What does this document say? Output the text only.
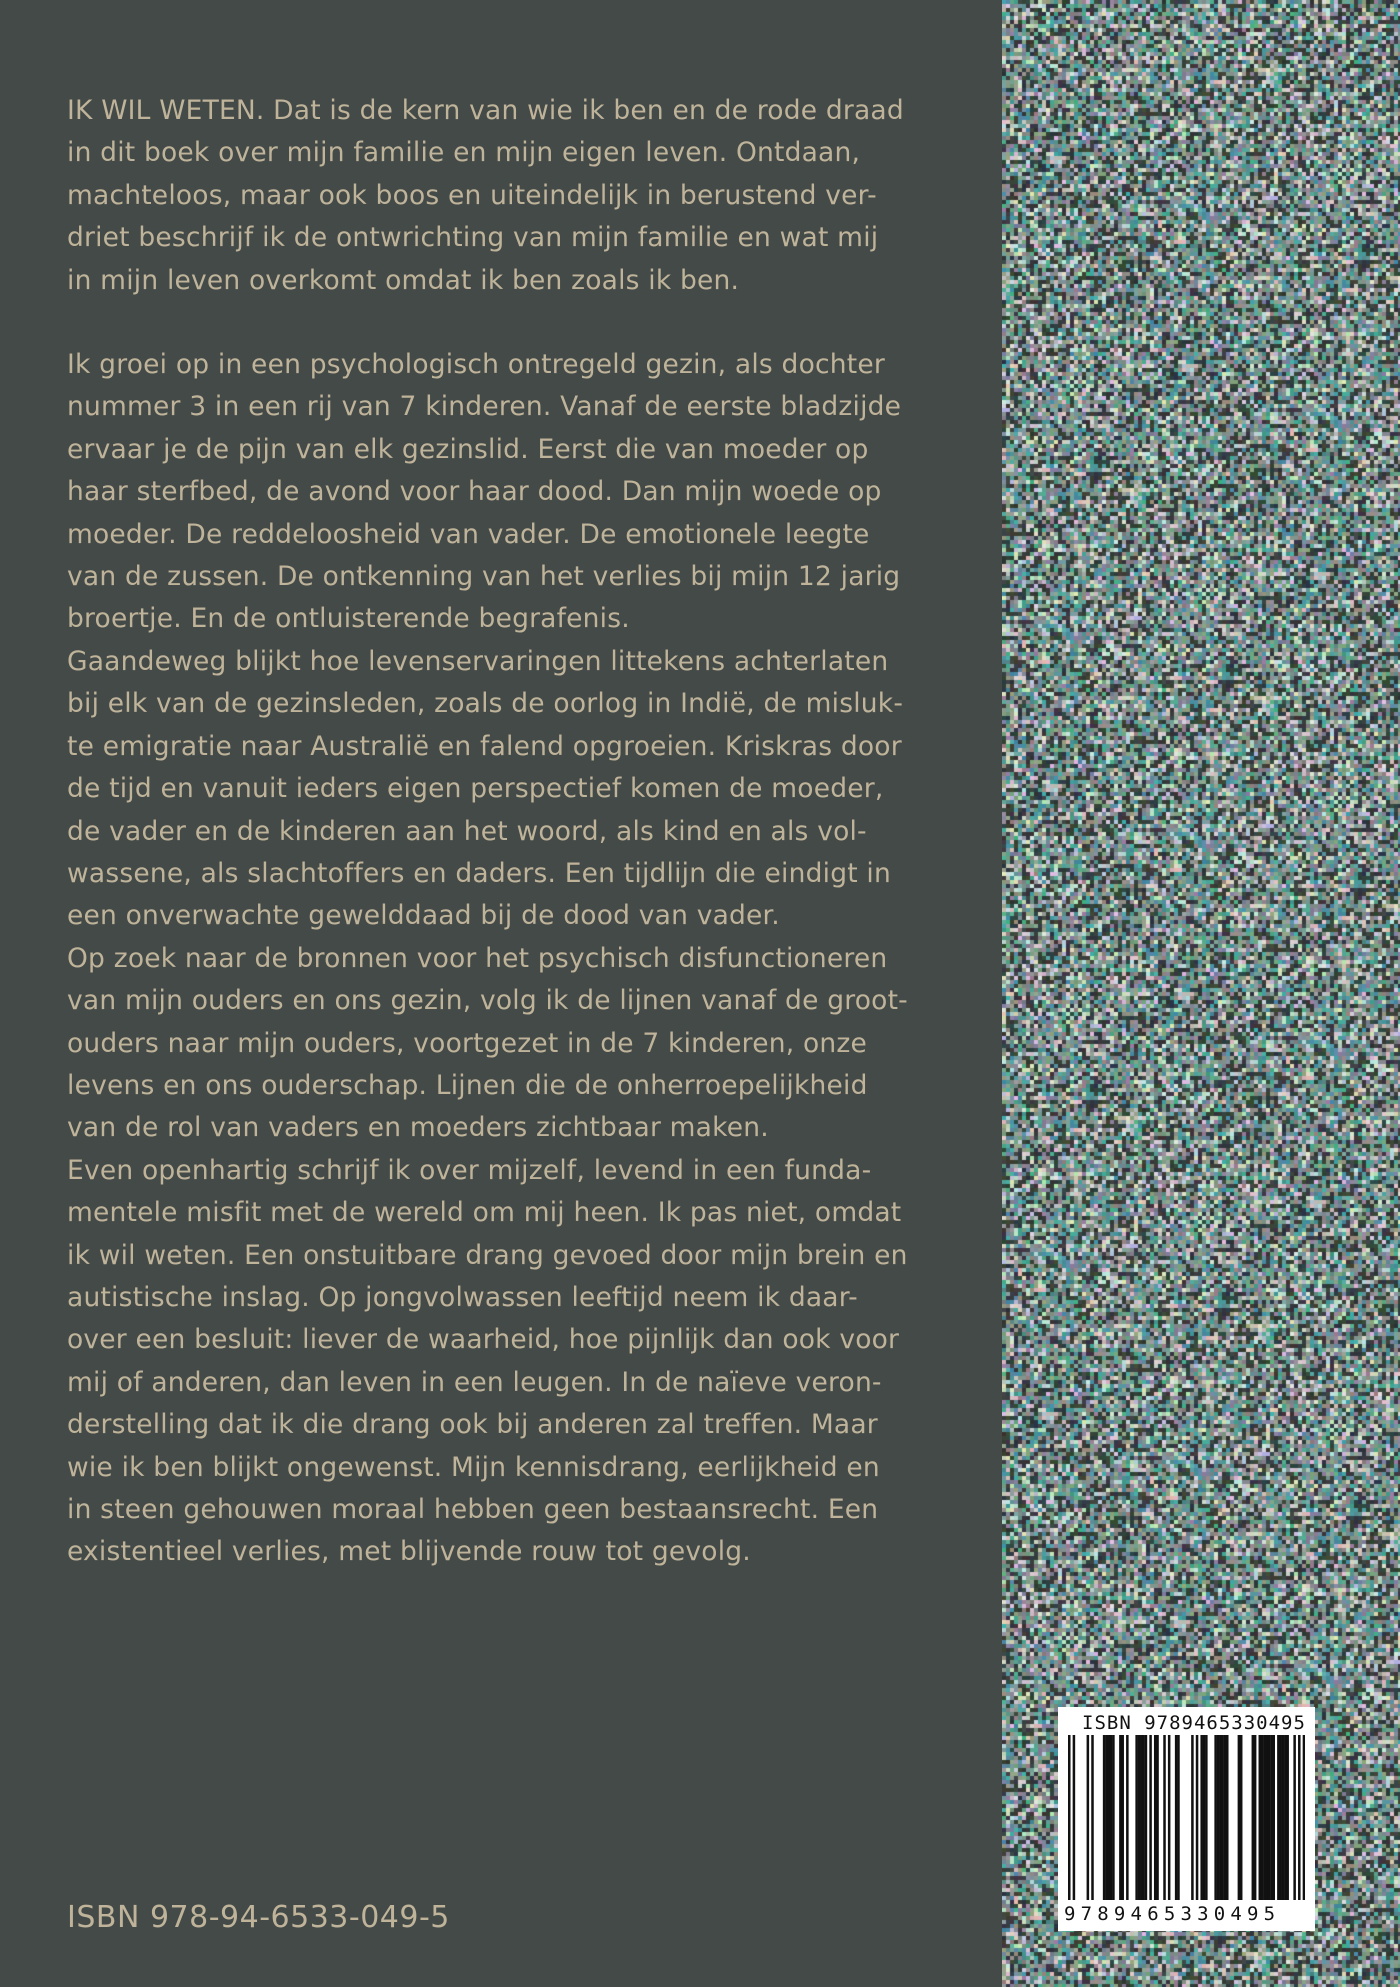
IK WIL WETEN. Dat is de kern van wie ik ben en de rode draad
in dit boek over mijn familie en mijn eigen leven. Ontdaan,
machteloos, maar ook boos en uiteindelijk in berustend ver-
driet beschrijf ik de ontwrichting van mijn familie en wat mij
in mijn leven overkomt omdat ik ben zoals ik ben.

Ik groei op in een psychologisch ontregeld gezin, als dochter
nummer 3 in een rij van 7 kinderen. Vanaf de eerste bladzijde
ervaar je de pijn van elk gezinslid. Eerst die van moeder op
haar sterfbed, de avond voor haar dood. Dan mijn woede op
moeder. De reddeloosheid van vader. De emotionele leegte
van de zussen. De ontkenning van het verlies bij mijn 12 jarig
broertje. En de ontluisterende begrafenis.

Gaandeweg blijkt hoe levenservaringen littekens achterlaten
bij elk van de gezinsleden, zoals de oorlog in Indië, de misluk-
te emigratie naar Australië en falend opgroeien. Kriskras door
de tijd en vanuit ieders eigen perspectief komen de moeder,
de vader en de kinderen aan het woord, als kind en als vol-
wassene, als slachtoffers en daders. Een tijdlijn die eindigt in
een onverwachte gewelddaad bij de dood van vader.

Op zoek naar de bronnen voor het psychisch disfunctioneren
van mijn ouders en ons gezin, volg ik de lijnen vanaf de groot-
ouders naar mijn ouders, voortgezet in de 7 kinderen, onze
levens en ons ouderschap. Lijnen die de onherroepelijkheid
van de rol van vaders en moeders zichtbaar maken.

Even openhartig schrijf ik over mijzelf, levend in een funda-
mentele misfit met de wereld om mij heen. Ik pas niet, omdat
ik wil weten. Een onstuitbare drang gevoed door mijn brein en
autistische inslag. Op jongvolwassen leeftijd neem ik daar-
over een besluit: liever de waarheid, hoe pijnlijk dan ook voor
mij of anderen, dan leven in een leugen. In de naïeve veron-
derstelling dat ik die drang ook bij anderen zal treffen. Maar
wie ik ben blijkt ongewenst. Mijn kennisdrang, eerlijkheid en
in steen gehouwen moraal hebben geen bestaansrecht. Een
existentieel verlies, met blijvende rouw tot gevolg.

ISBN 978-94-6533-049-5
ISBN 9789465330495
9789465330495
